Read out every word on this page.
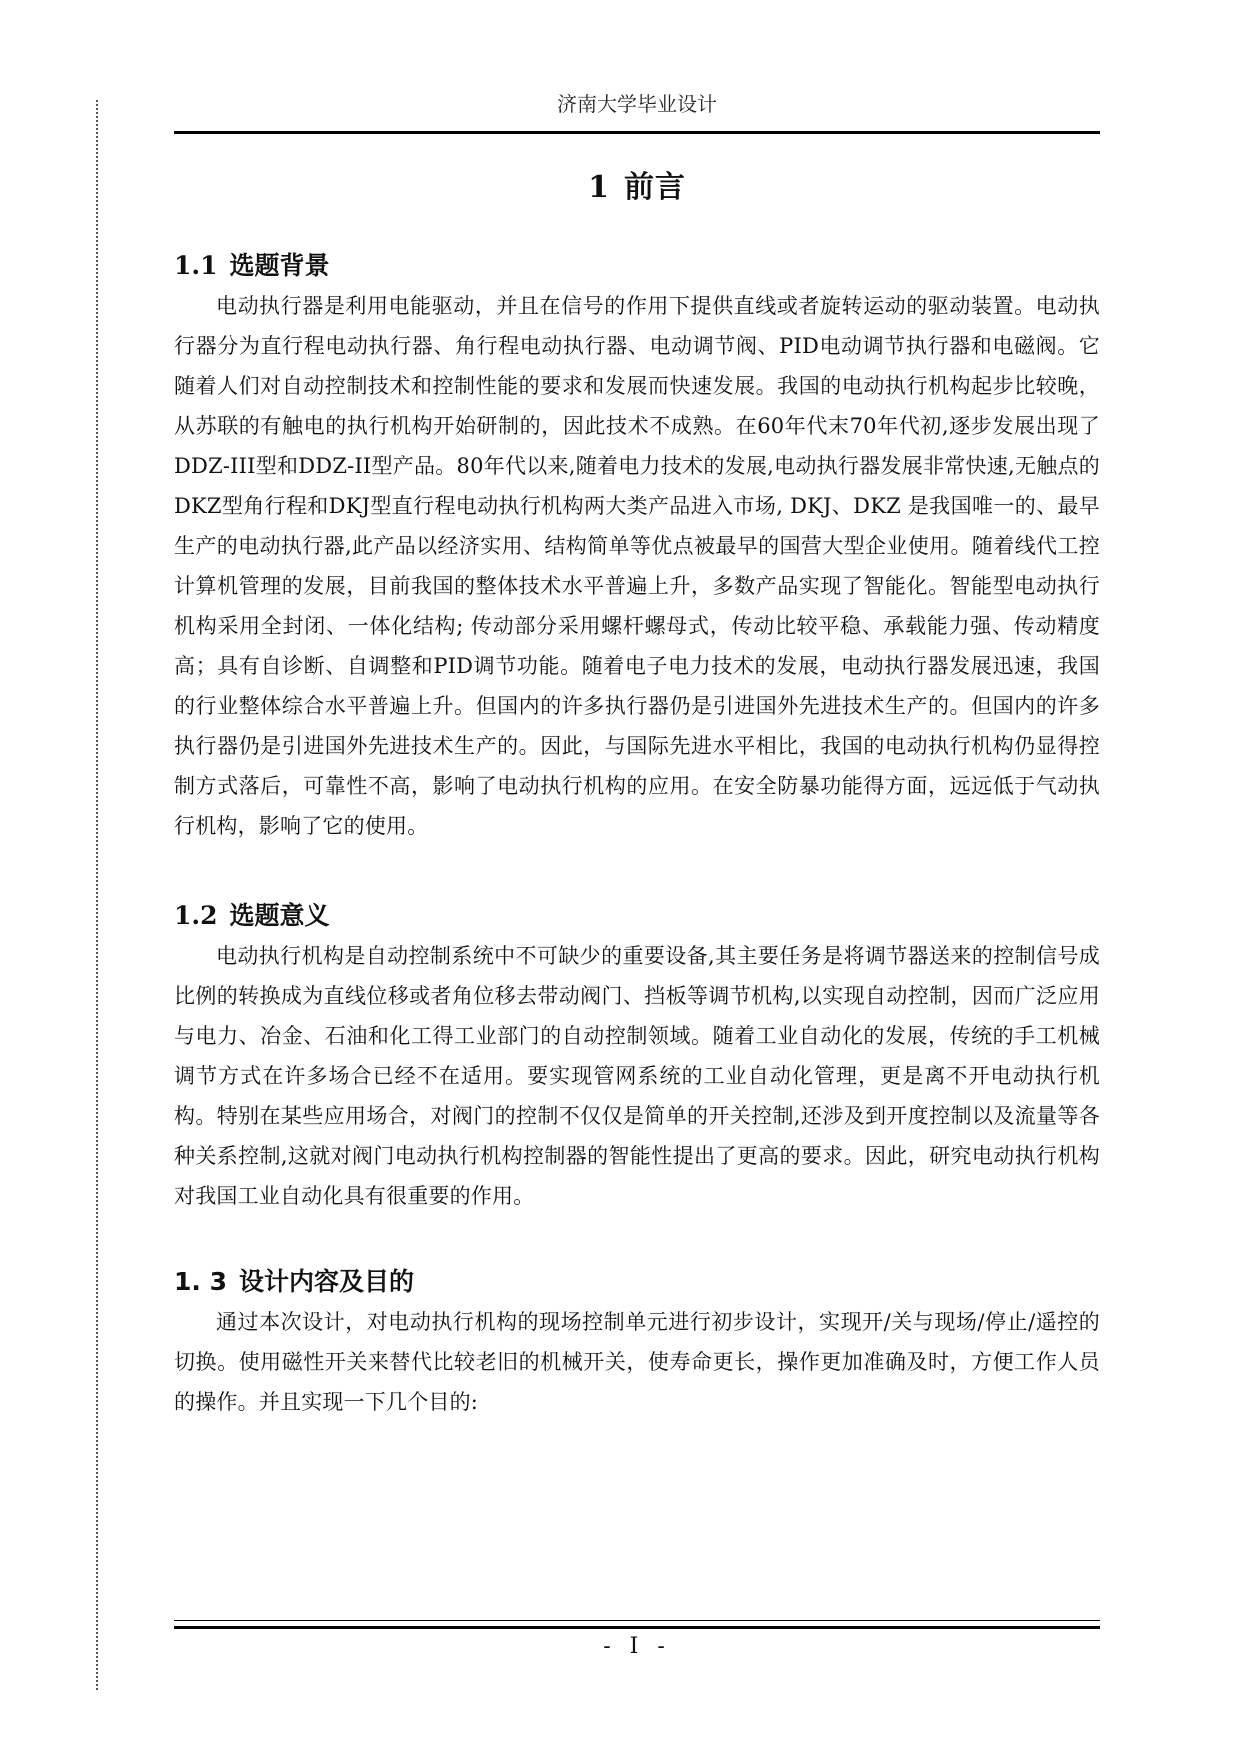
济南大学毕业设计
1 前言
1.1 选题背景

电动执行器是利用电能驱动，并且在信号的作用下提供直线或者旋转运动的驱动装置。电动执行器分为直行程电动执行器、角行程电动执行器、电动调节阀、PID电动调节执行器和电磁阀。它随着人们对自动控制技术和控制性能的要求和发展而快速发展。我国的电动执行机构起步比较晚，从苏联的有触电的执行机构开始研制的，因此技术不成熟。在60年代末70年代初,逐步发展出现了DDZ-III型和DDZ-II型产品。80年代以来,随着电力技术的发展,电动执行器发展非常快速,无触点的DKZ型角行程和DKJ型直行程电动执行机构两大类产品进入市场, DKJ、DKZ 是我国唯一的、最早生产的电动执行器,此产品以经济实用、结构简单等优点被最早的国营大型企业使用。随着线代工控计算机管理的发展，目前我国的整体技术水平普遍上升，多数产品实现了智能化。智能型电动执行机构采用全封闭、一体化结构; 传动部分采用螺杆螺母式，传动比较平稳、承载能力强、传动精度高；具有自诊断、自调整和PID调节功能。随着电子电力技术的发展，电动执行器发展迅速，我国的行业整体综合水平普遍上升。但国内的许多执行器仍是引进国外先进技术生产的。但国内的许多执行器仍是引进国外先进技术生产的。因此，与国际先进水平相比，我国的电动执行机构仍显得控制方式落后，可靠性不高，影响了电动执行机构的应用。在安全防暴功能得方面，远远低于气动执行机构，影响了它的使用。

1.2 选题意义

电动执行机构是自动控制系统中不可缺少的重要设备,其主要任务是将调节器送来的控制信号成比例的转换成为直线位移或者角位移去带动阀门、挡板等调节机构,以实现自动控制，因而广泛应用与电力、冶金、石油和化工得工业部门的自动控制领域。随着工业自动化的发展，传统的手工机械调节方式在许多场合已经不在适用。要实现管网系统的工业自动化管理，更是离不开电动执行机构。特别在某些应用场合，对阀门的控制不仅仅是简单的开关控制,还涉及到开度控制以及流量等各种关系控制,这就对阀门电动执行机构控制器的智能性提出了更高的要求。因此，研究电动执行机构对我国工业自动化具有很重要的作用。

1. 3 设计内容及目的

通过本次设计，对电动执行机构的现场控制单元进行初步设计，实现开/关与现场/停止/遥控的切换。使用磁性开关来替代比较老旧的机械开关，使寿命更长，操作更加准确及时，方便工作人员的操作。并且实现一下几个目的:

- I -
